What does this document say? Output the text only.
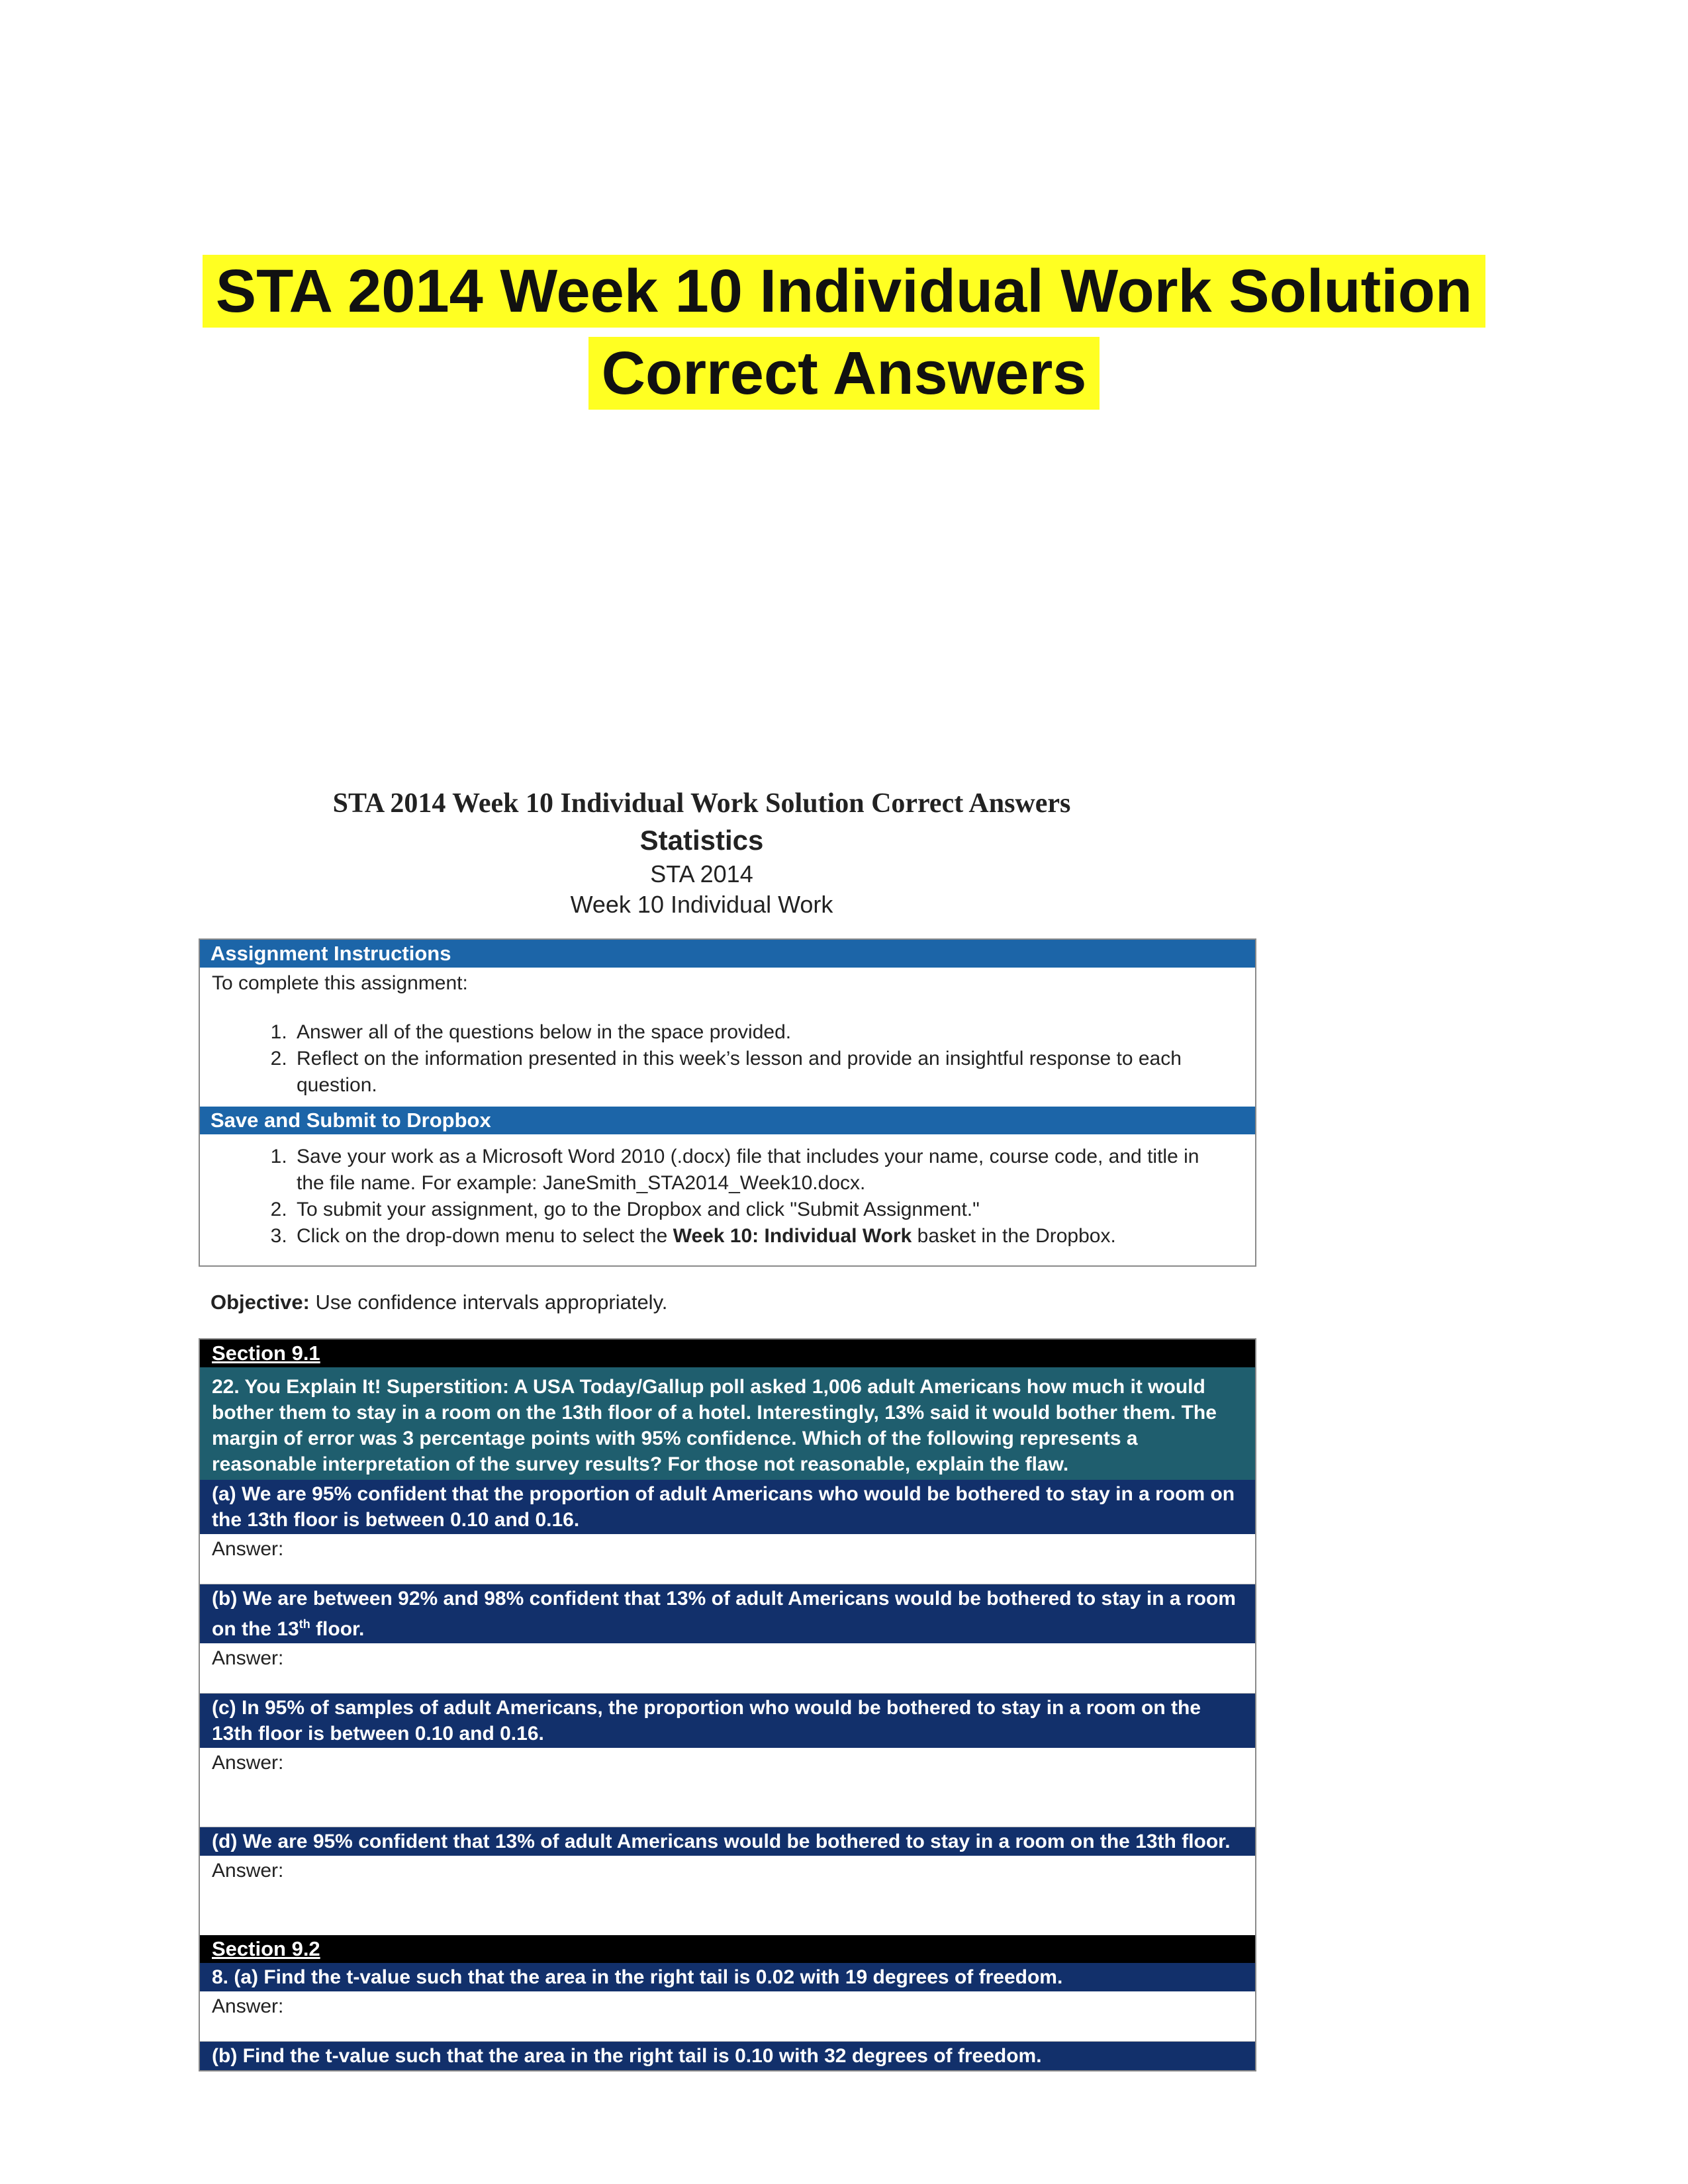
STA 2014 Week 10 Individual Work Solution
Correct Answers
STA 2014 Week 10 Individual Work Solution Correct Answers
Statistics
STA 2014
Week 10 Individual Work
Assignment Instructions
To complete this assignment:
1. Answer all of the questions below in the space provided.
2. Reflect on the information presented in this week’s lesson and provide an insightful response to each question.
Save and Submit to Dropbox
1. Save your work as a Microsoft Word 2010 (.docx) file that includes your name, course code, and title in the file name. For example: JaneSmith_STA2014_Week10.docx.
2. To submit your assignment, go to the Dropbox and click "Submit Assignment."
3. Click on the drop-down menu to select the Week 10: Individual Work basket in the Dropbox.
Objective: Use confidence intervals appropriately.
Section 9.1
22. You Explain It! Superstition: A USA Today/Gallup poll asked 1,006 adult Americans how much it would bother them to stay in a room on the 13th floor of a hotel. Interestingly, 13% said it would bother them. The margin of error was 3 percentage points with 95% confidence. Which of the following represents a reasonable interpretation of the survey results? For those not reasonable, explain the flaw.
(a) We are 95% confident that the proportion of adult Americans who would be bothered to stay in a room on the 13th floor is between 0.10 and 0.16.
Answer:
(b) We are between 92% and 98% confident that 13% of adult Americans would be bothered to stay in a room on the 13th floor.
Answer:
(c) In 95% of samples of adult Americans, the proportion who would be bothered to stay in a room on the 13th floor is between 0.10 and 0.16.
Answer:
(d) We are 95% confident that 13% of adult Americans would be bothered to stay in a room on the 13th floor.
Answer:
Section 9.2
8. (a) Find the t-value such that the area in the right tail is 0.02 with 19 degrees of freedom.
Answer:
(b) Find the t-value such that the area in the right tail is 0.10 with 32 degrees of freedom.
